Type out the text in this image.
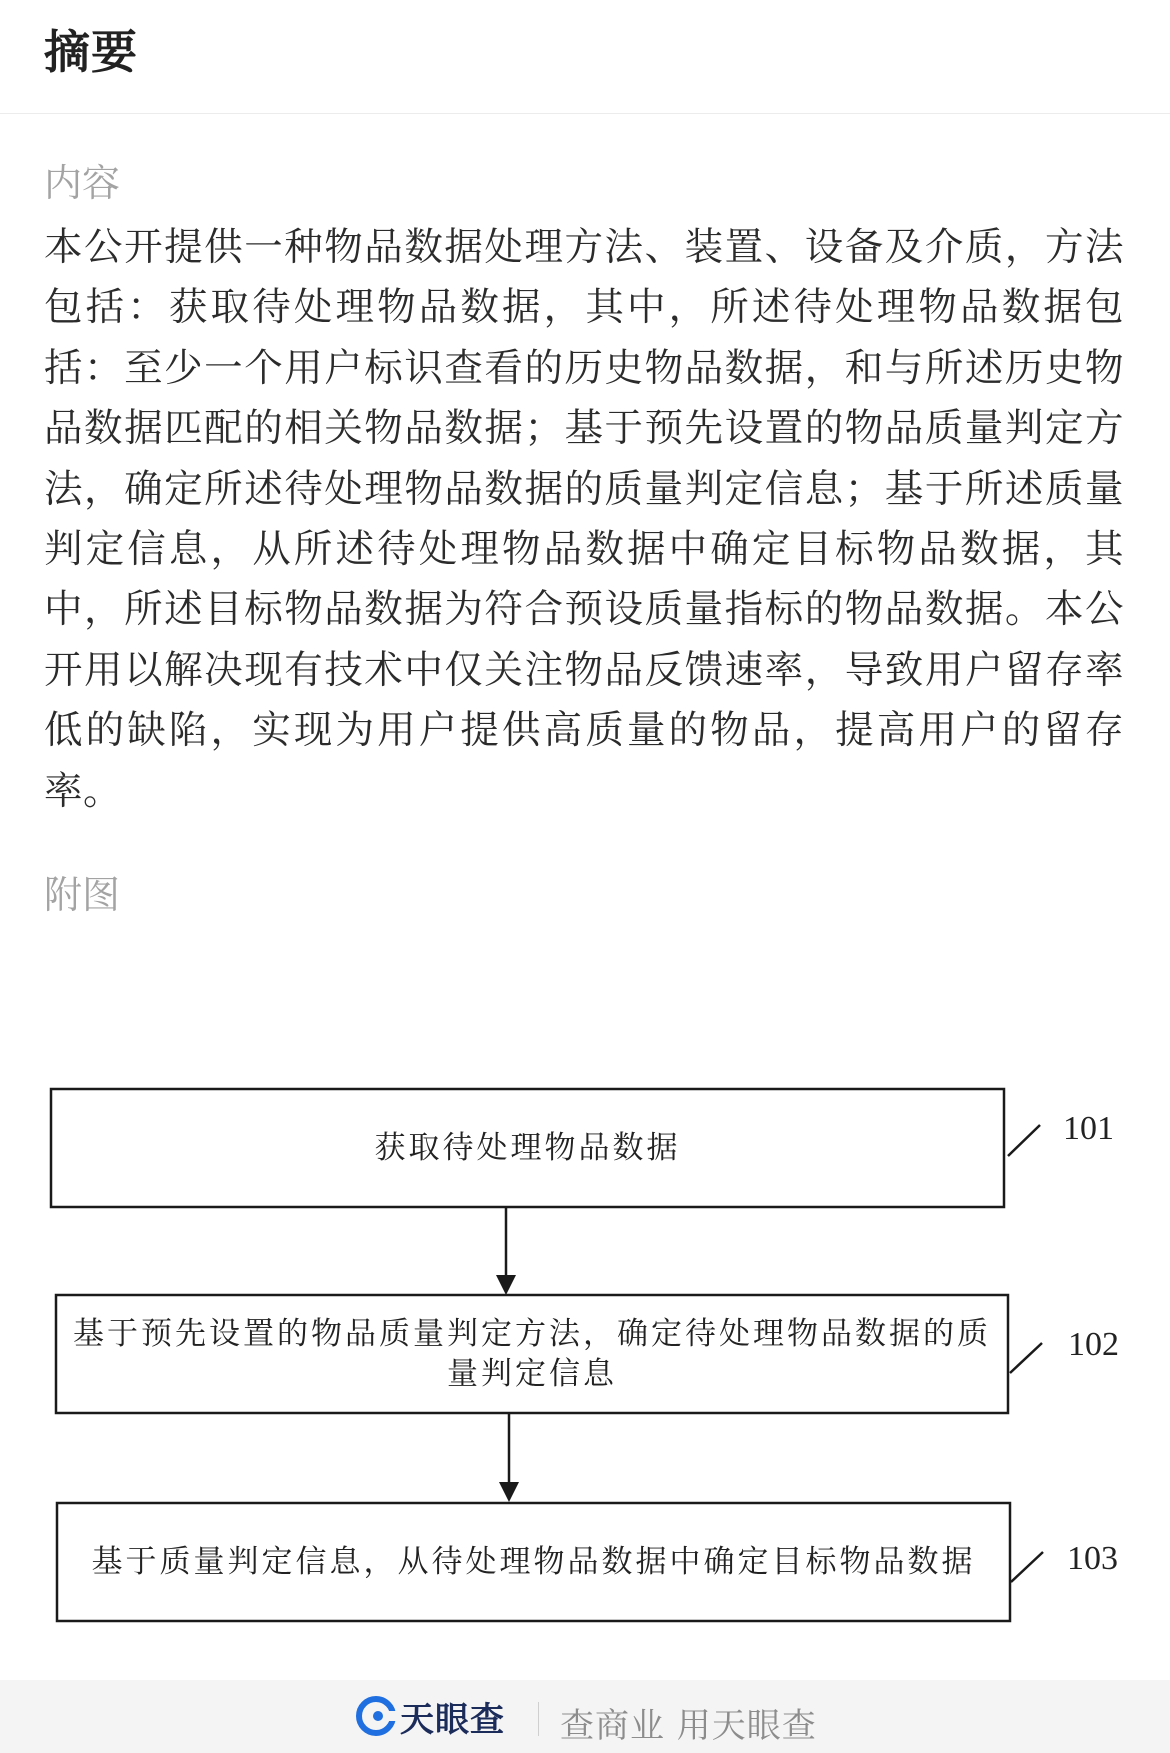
摘要
内容

本公开提供一种物品数据处理方法、装置、设备及介质，方法包括：获取待处理物品数据，其中，所述待处理物品数据包括：至少一个用户标识查看的历史物品数据，和与所述历史物品数据匹配的相关物品数据；基于预先设置的物品质量判定方法，确定所述待处理物品数据的质量判定信息；基于所述质量判定信息，从所述待处理物品数据中确定目标物品数据，其中，所述目标物品数据为符合预设质量指标的物品数据。本公开用以解决现有技术中仅关注物品反馈速率，导致用户留存率低的缺陷，实现为用户提供高质量的物品，提高用户的留存率。

附图
获取待处理物品数据
基于预先设置的物品质量判定方法，确定待处理物品数据的质量判定信息
基于质量判定信息，从待处理物品数据中确定目标物品数据
101
102
103
天眼查 查商业 用天眼查
